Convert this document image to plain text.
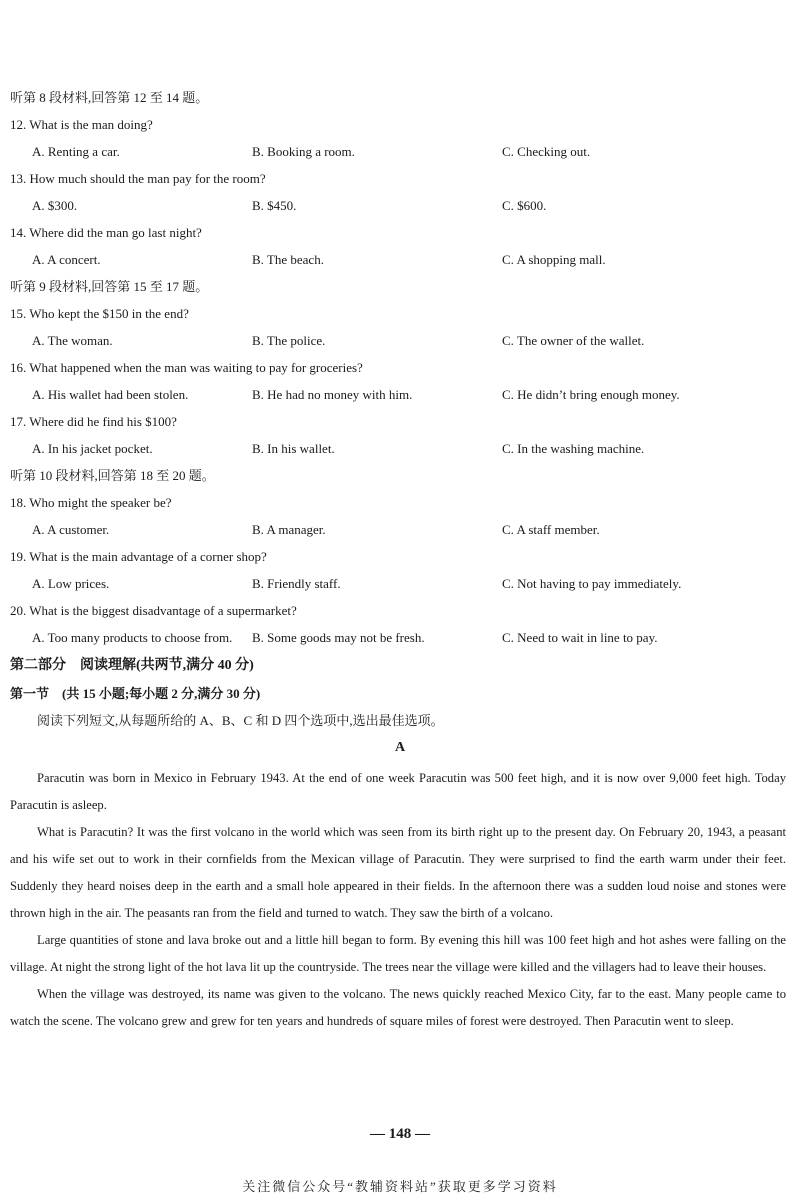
听第 8 段材料,回答第 12 至 14 题。
12. What is the man doing?
A. Renting a car.	B. Booking a room.	C. Checking out.
13. How much should the man pay for the room?
A. $300.	B. $450.	C. $600.
14. Where did the man go last night?
A. A concert.	B. The beach.	C. A shopping mall.
听第 9 段材料,回答第 15 至 17 题。
15. Who kept the $150 in the end?
A. The woman.	B. The police.	C. The owner of the wallet.
16. What happened when the man was waiting to pay for groceries?
A. His wallet had been stolen.	B. He had no money with him.	C. He didn’t bring enough money.
17. Where did he find his $100?
A. In his jacket pocket.	B. In his wallet.	C. In the washing machine.
听第 10 段材料,回答第 18 至 20 题。
18. Who might the speaker be?
A. A customer.	B. A manager.	C. A staff member.
19. What is the main advantage of a corner shop?
A. Low prices.	B. Friendly staff.	C. Not having to pay immediately.
20. What is the biggest disadvantage of a supermarket?
A. Too many products to choose from. B. Some goods may not be fresh.	C. Need to wait in line to pay.
第二部分　阅读理解(共两节,满分 40 分)
第一节　(共 15 小题;每小题 2 分,满分 30 分)
阅读下列短文,从每题所给的 A、B、C 和 D 四个选项中,选出最佳选项。
A

Paracutin was born in Mexico in February 1943. At the end of one week Paracutin was 500 feet high, and it is now over 9,000 feet high. Today Paracutin is asleep.

What is Paracutin? It was the first volcano in the world which was seen from its birth right up to the present day. On February 20, 1943, a peasant and his wife set out to work in their cornfields from the Mexican village of Paracutin. They were surprised to find the earth warm under their feet. Suddenly they heard noises deep in the earth and a small hole appeared in their fields. In the afternoon there was a sudden loud noise and stones were thrown high in the air. The peasants ran from the field and turned to watch. They saw the birth of a volcano.

Large quantities of stone and lava broke out and a little hill began to form. By evening this hill was 100 feet high and hot ashes were falling on the village. At night the strong light of the hot lava lit up the countryside. The trees near the village were killed and the villagers had to leave their houses.

When the village was destroyed, its name was given to the volcano. The news quickly reached Mexico City, far to the east. Many people came to watch the scene. The volcano grew and grew for ten years and hundreds of square miles of forest were destroyed. Then Paracutin went to sleep.

— 148 —
关注微信公众号“教辅资料站”获取更多学习资料
